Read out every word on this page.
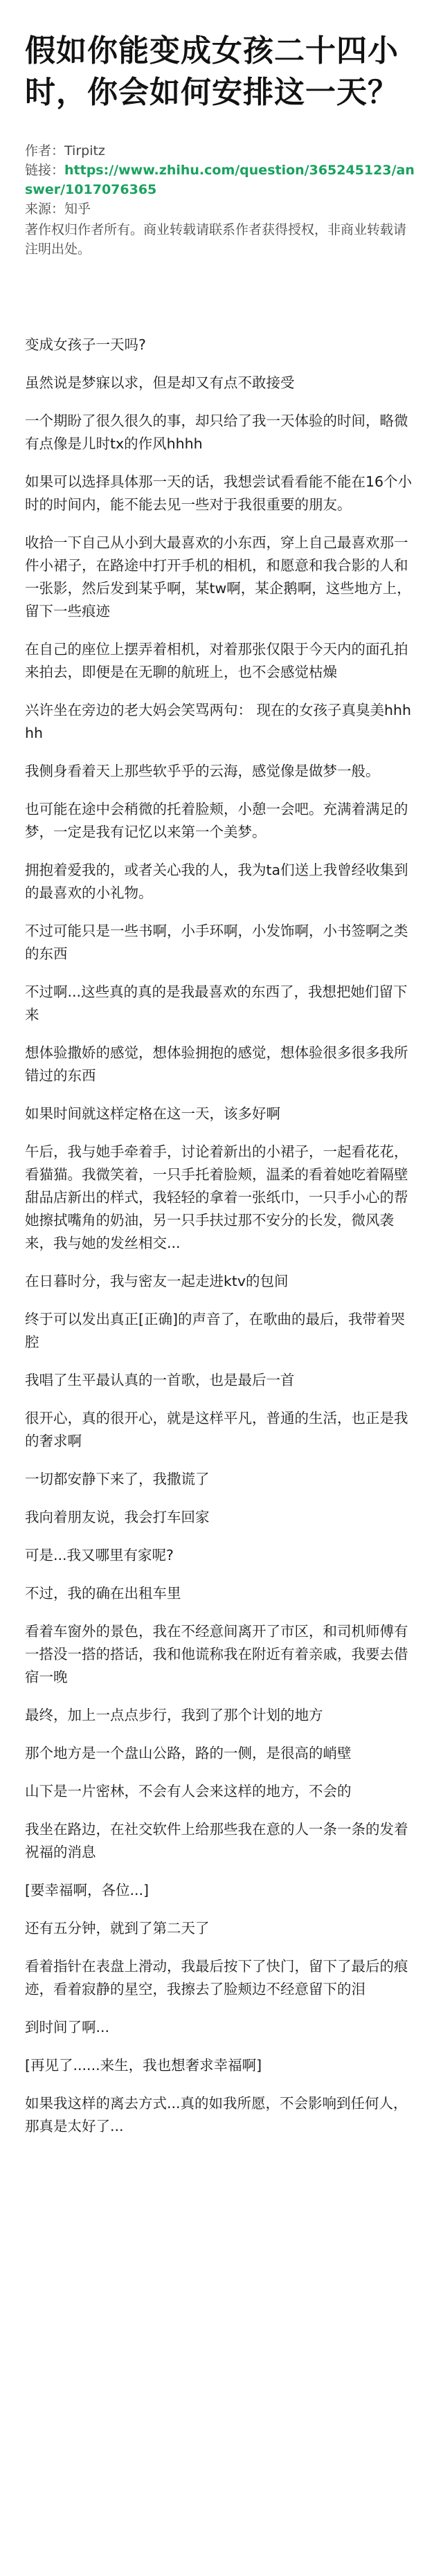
假如你能变成女孩二十四小时，你会如何安排这一天？

作者：Tirpitz

链接：https://www.zhihu.com/question/365245123/answer/1017076365

来源：知乎

著作权归作者所有。商业转载请联系作者获得授权，非商业转载请注明出处。

变成女孩子一天吗?

虽然说是梦寐以求，但是却又有点不敢接受

一个期盼了很久很久的事，却只给了我一天体验的时间，略微有点像是儿时tx的作风hhhh

如果可以选择具体那一天的话，我想尝试看看能不能在16个小时的时间内，能不能去见一些对于我很重要的朋友。

收拾一下自己从小到大最喜欢的小东西，穿上自己最喜欢那一件小裙子，在路途中打开手机的相机，和愿意和我合影的人和一张影，然后发到某乎啊，某tw啊，某企鹅啊，这些地方上，留下一些痕迹

在自己的座位上摆弄着相机，对着那张仅限于今天内的面孔拍来拍去，即便是在无聊的航班上，也不会感觉枯燥

兴许坐在旁边的老大妈会笑骂两句： 现在的女孩子真臭美hhhhh

我侧身看着天上那些软乎乎的云海，感觉像是做梦一般。

也可能在途中会稍微的托着脸颊，小憩一会吧。充满着满足的梦，一定是我有记忆以来第一个美梦。

拥抱着爱我的，或者关心我的人，我为ta们送上我曾经收集到的最喜欢的小礼物。

不过可能只是一些书啊，小手环啊，小发饰啊，小书签啊之类的东西

不过啊...这些真的真的是我最喜欢的东西了，我想把她们留下来

想体验撒娇的感觉，想体验拥抱的感觉，想体验很多很多我所错过的东西

如果时间就这样定格在这一天，该多好啊

午后，我与她手牵着手，讨论着新出的小裙子，一起看花花，看猫猫。我微笑着，一只手托着脸颊，温柔的看着她吃着隔壁甜品店新出的样式，我轻轻的拿着一张纸巾，一只手小心的帮她擦拭嘴角的奶油，另一只手扶过那不安分的长发，微风袭来，我与她的发丝相交...

在日暮时分，我与密友一起走进ktv的包间

终于可以发出真正[正确]的声音了，在歌曲的最后，我带着哭腔

我唱了生平最认真的一首歌，也是最后一首

很开心，真的很开心，就是这样平凡，普通的生活，也正是我的奢求啊

一切都安静下来了，我撒谎了

我向着朋友说，我会打车回家

可是...我又哪里有家呢?

不过，我的确在出租车里

看着车窗外的景色，我在不经意间离开了市区，和司机师傅有一搭没一搭的搭话，我和他谎称我在附近有着亲戚，我要去借宿一晚

最终，加上一点点步行，我到了那个计划的地方

那个地方是一个盘山公路，路的一侧，是很高的峭壁

山下是一片密林，不会有人会来这样的地方，不会的

我坐在路边，在社交软件上给那些我在意的人一条一条的发着祝福的消息

[要幸福啊，各位...]

还有五分钟，就到了第二天了

看着指针在表盘上滑动，我最后按下了快门，留下了最后的痕迹，看着寂静的星空，我擦去了脸颊边不经意留下的泪

到时间了啊...

[再见了......来生，我也想奢求幸福啊]

如果我这样的离去方式...真的如我所愿，不会影响到任何人，那真是太好了...
